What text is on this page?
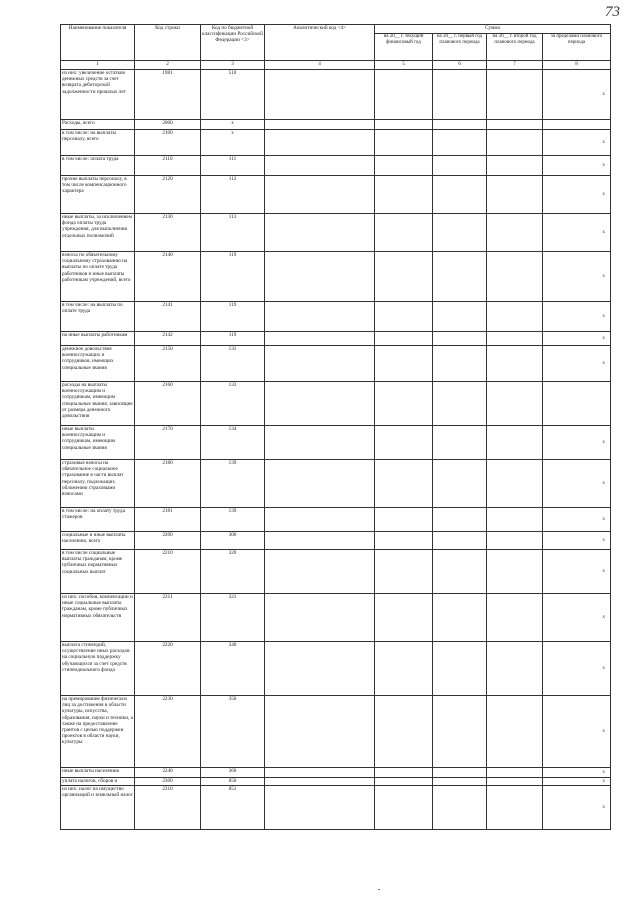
73
Наименование показателя	Код строки	Код по бюджетной классификации Российской Федерации <3>	Аналитический код <4>	Сумма			
				на 20__ г. текущий финансовый год	на 20__ г. первый год планового периода	на 20__ г. второй год планового периода	за пределами планового периода
1	2	3	4	5	6	7	8
из них: увеличение остатков денежных средств за счет возврата дебиторской задолженности прошлых лет	1981	510					x

Расходы, всего	2000	x					

в том числе: на выплаты персоналу, всего	2100	x					x

в том числе: оплата труда	2110	111					x

прочие выплаты персоналу, в том числе компенсационного характера	2120	112					x

иные выплаты, за исключением фонда оплаты труда учреждения, для выполнения отдельных полномочий	2130	113					x

взносы по обязательному социальному страхованию на выплаты по оплате труда работников и иные выплаты работникам учреждений, всего	2140	119					x

в том числе: на выплаты по оплате труда	2141	119					x

на иные выплаты работникам	2142	119					x

денежное довольствие военнослужащих и сотрудников, имеющих специальные звания	2150	131					x

расходы на выплаты военнослужащим и сотрудникам, имеющим специальные звания, зависящие от размера денежного довольствия	2160	133					

иные выплаты военнослужащим и сотрудникам, имеющим специальные звания	2170	134					x

страховые взносы на обязательное социальное страхование в части выплат персоналу, подлежащих обложению страховыми взносами	2180	139					x

в том числе: на оплату труда стажеров	2181	139					x

социальные и иные выплаты населению, всего	2200	300					x

в том числе социальные выплаты гражданам, кроме публичных нормативных социальных выплат	2210	320					x

из них: пособия, компенсации и иные социальные выплаты гражданам, кроме публичных нормативных обязательств	2211	321					x

выплата стипендий, осуществление иных расходов на социальную поддержку обучающихся за счет средств стипендиального фонда	2220	340					x

на премирование физических лиц за достижения в области культуры, искусства, образования, науки и техники, а также на предоставление грантов с целью поддержки проектов в области науки, культуры	2230	350					x

иные выплаты населению	2240	360					x

уплата налогов, сборов и	2300	850					x

из них: налог на имущество организаций и земельный налог	2310	851					x
